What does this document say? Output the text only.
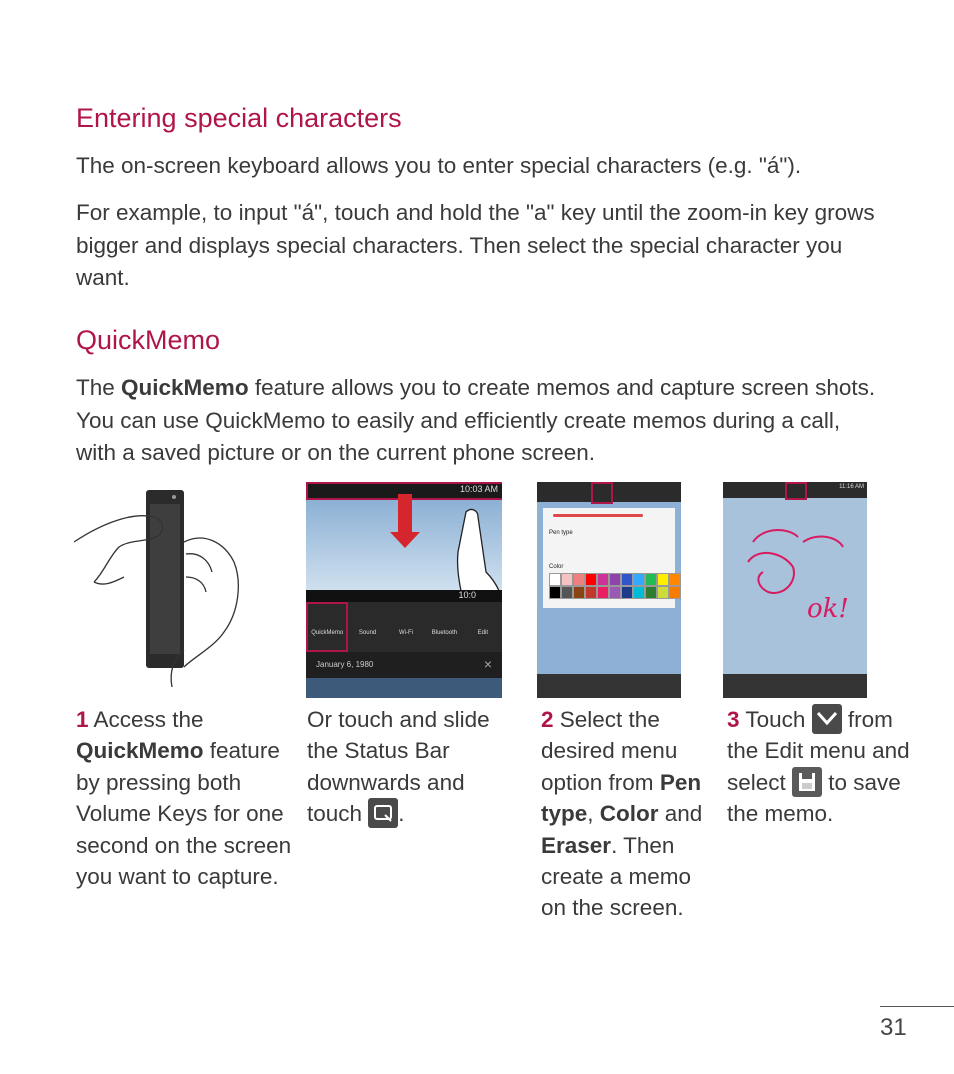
Entering special characters

The on-screen keyboard allows you to enter special characters (e.g. "á").

For example, to input "á", touch and hold the "a" key until the zoom-in key grows bigger and displays special characters. Then select the special character you want.

QuickMemo

The QuickMemo feature allows you to create memos and capture screen shots. You can use QuickMemo to easily and efficiently create memos during a call, with a saved picture or on the current phone screen.

10:03 AM
10:0
QuickMemo	Sound	Wi-Fi	Bluetooth	Edit
January 6, 1980	×
Pen type
Color
11:16 AM
ok!

1 Access the QuickMemo feature by pressing both Volume Keys for one second on the screen you want to capture.

Or touch and slide the Status Bar downwards and touch .

2 Select the desired menu option from Pen type, Color and Eraser. Then create a memo on the screen.

3 Touch  from the Edit menu and select  to save the memo.

31
